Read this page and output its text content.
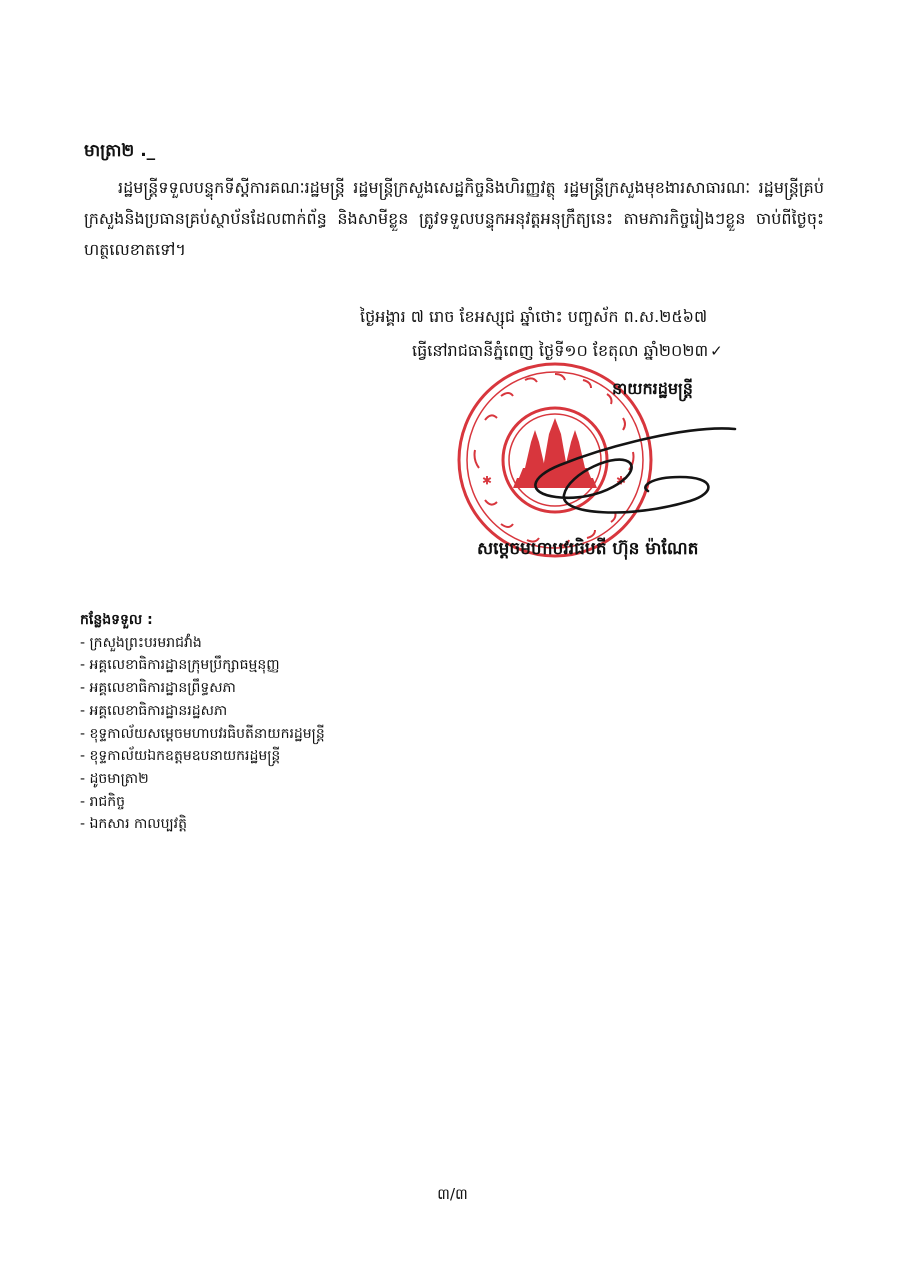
មាត្រា២ ._
រដ្ឋមន្ត្រីទទួលបន្ទុកទីស្តីការគណៈរដ្ឋមន្ត្រី រដ្ឋមន្ត្រីក្រសួងសេដ្ឋកិច្ចនិងហិរញ្ញវត្ថុ រដ្ឋមន្ត្រីក្រសួងមុខងារសាធារណៈ រដ្ឋមន្ត្រីគ្រប់ក្រសួងនិងប្រធានគ្រប់ស្ថាប័នដែលពាក់ព័ន្ធ និងសាមីខ្លួន ត្រូវទទួលបន្ទុកអនុវត្តអនុក្រឹត្យនេះ តាមភារកិច្ចរៀងៗខ្លួន ចាប់ពីថ្ងៃចុះហត្ថលេខាតទៅ។
ថ្ងៃអង្គារ ៧ រោច ខែអស្សុជ ឆ្នាំថោះ បញ្ចស័ក ព.ស.២៥៦៧
ធ្វើនៅរាជធានីភ្នំពេញ ថ្ងៃទី១០ ខែតុលា ឆ្នាំ២០២៣ ✓
*	*
នាយករដ្ឋមន្ត្រី
សម្តេចមហាបវរធិបតី ហ៊ុន ម៉ាណែត
កន្លែងទទួល :
- ក្រសួងព្រះបរមរាជវាំង
- អគ្គលេខាធិការដ្ឋានក្រុមប្រឹក្សាធម្មនុញ្ញ
- អគ្គលេខាធិការដ្ឋានព្រឹទ្ធសភា
- អគ្គលេខាធិការដ្ឋានរដ្ឋសភា
- ខុទ្ទកាល័យសម្តេចមហាបវរធិបតីនាយករដ្ឋមន្ត្រី
- ខុទ្ទកាល័យឯកឧត្តមឧបនាយករដ្ឋមន្ត្រី
- ដូចមាត្រា២
- រាជកិច្ច
- ឯកសារ កាលប្បវត្តិ
៣/៣
